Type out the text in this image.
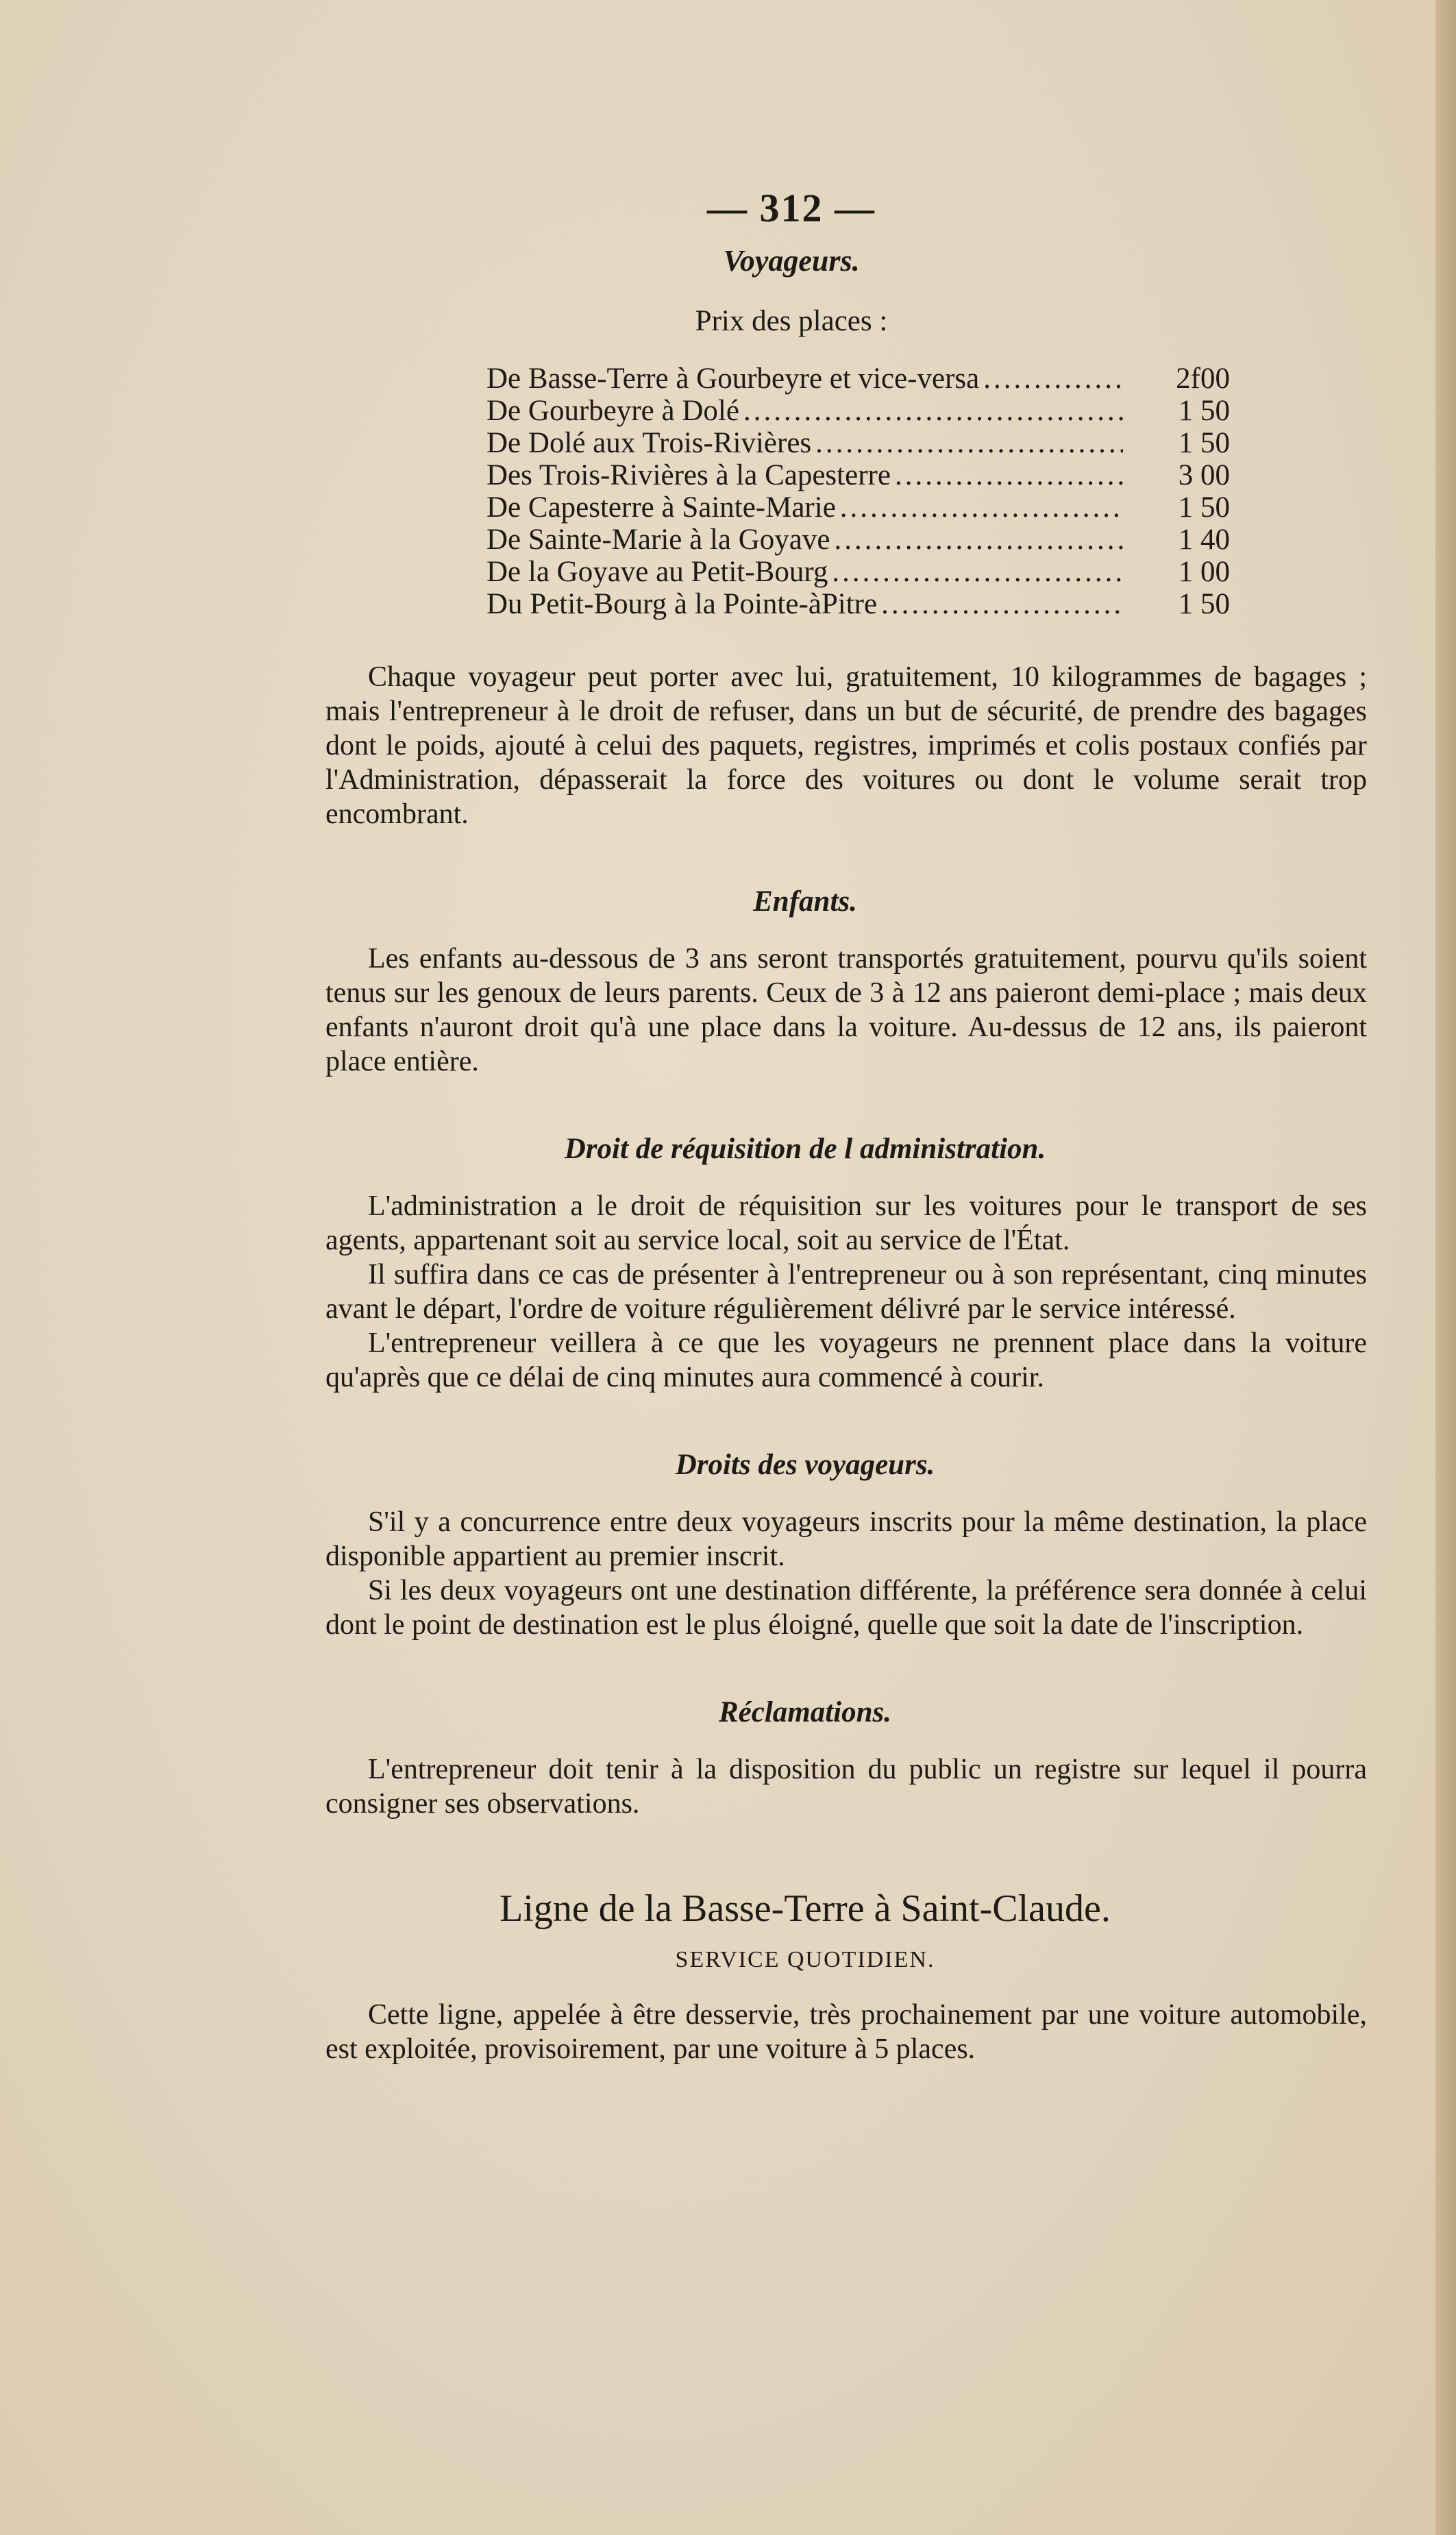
— 312 —
Voyageurs.
Prix des places :
De Basse-Terre à Gourbeyre et vice-versa .....	2f00
De Gourbeyre à Dolé .....	1 50
De Dolé aux Trois-Rivières .....	1 50
Des Trois-Rivières à la Capesterre .....	3 00
De Capesterre à Sainte-Marie .....	1 50
De Sainte-Marie à la Goyave .....	1 40
De la Goyave au Petit-Bourg .....	1 00
Du Petit-Bourg à la Pointe-àPitre .....	1 50

Chaque voyageur peut porter avec lui, gratuitement, 10 kilogrammes de bagages ; mais l'entrepreneur à le droit de refuser, dans un but de sécurité, de prendre des bagages dont le poids, ajouté à celui des paquets, registres, imprimés et colis postaux confiés par l'Administration, dépasserait la force des voitures ou dont le volume serait trop encombrant.

Enfants.

Les enfants au-dessous de 3 ans seront transportés gratuitement, pourvu qu'ils soient tenus sur les genoux de leurs parents. Ceux de 3 à 12 ans paieront demi-place ; mais deux enfants n'auront droit qu'à une place dans la voiture. Au-dessus de 12 ans, ils paieront place entière.

Droit de réquisition de l administration.

L'administration a le droit de réquisition sur les voitures pour le transport de ses agents, appartenant soit au service local, soit au service de l'État.

Il suffira dans ce cas de présenter à l'entrepreneur ou à son représentant, cinq minutes avant le départ, l'ordre de voiture régulièrement délivré par le service intéressé.

L'entrepreneur veillera à ce que les voyageurs ne prennent place dans la voiture qu'après que ce délai de cinq minutes aura commencé à courir.

Droits des voyageurs.

S'il y a concurrence entre deux voyageurs inscrits pour la même destination, la place disponible appartient au premier inscrit.

Si les deux voyageurs ont une destination différente, la préférence sera donnée à celui dont le point de destination est le plus éloigné, quelle que soit la date de l'inscription.

Réclamations.

L'entrepreneur doit tenir à la disposition du public un registre sur lequel il pourra consigner ses observations.

Ligne de la Basse-Terre à Saint-Claude.
SERVICE QUOTIDIEN.

Cette ligne, appelée à être desservie, très prochainement par une voiture automobile, est exploitée, provisoirement, par une voiture à 5 places.
